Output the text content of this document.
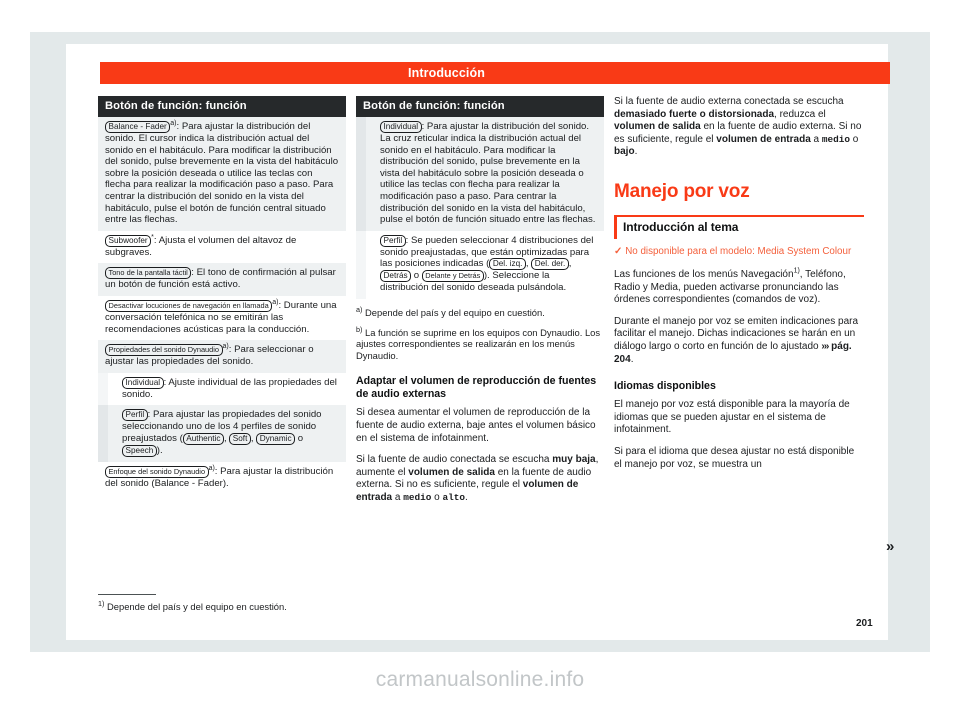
Introducción
Botón de función: función
Balance - Fader $^{a)}$: Para ajustar la distribución del sonido. El cursor indica la distribución actual del sonido en el habitáculo. Para modificar la distribución del sonido, pulse brevemente en la vista del habitáculo sobre la posición deseada o utilice las teclas con flecha para realizar la modificación paso a paso. Para centrar la distribución del sonido en la vista del habitáculo, pulse el botón de función central situado entre las flechas.
Subwoofer *: Ajusta el volumen del altavoz de subgraves.
Tono de la pantalla táctil : El tono de confirmación al pulsar un botón de función está activo.
Desactivar locuciones de navegación en llamada $^{a)}$: Durante una conversación telefónica no se emitirán las recomendaciones acústicas para la conducción.
Propiedades del sonido Dynaudio $^{a)}$: Para seleccionar o ajustar las propiedades del sonido.
Individual : Ajuste individual de las propiedades del sonido.
Perfil : Para ajustar las propiedades del sonido seleccionando uno de los 4 perfiles de sonido preajustados ( Authentic , Soft , Dynamic o Speech ).
Enfoque del sonido Dynaudio $^{a)}$: Para ajustar la distribución del sonido (Balance - Fader).
Botón de función: función
Individual : Para ajustar la distribución del sonido. La cruz reticular indica la distribución actual del sonido en el habitáculo. Para modificar la distribución del sonido, pulse brevemente en la vista del habitáculo sobre la posición deseada o utilice las teclas con flecha para realizar la modificación paso a paso. Para centrar la distribución del sonido en la vista del habitáculo, pulse el botón de función situado entre las flechas.
Perfil : Se pueden seleccionar 4 distribuciones del sonido preajustadas, que están optimizadas para las posiciones indicadas ( Del. izq. , Del. der. , Detrás o Delante y Detrás ). Seleccione la distribución del sonido deseada pulsándola.

$^{a)}$ Depende del país y del equipo en cuestión.

$^{b)}$ La función se suprime en los equipos con Dynaudio. Los ajustes correspondientes se realizarán en los menús Dynaudio.

Adaptar el volumen de reproducción de fuentes de audio externas

Si desea aumentar el volumen de reproducción de la fuente de audio externa, baje antes el volumen básico en el sistema de infotainment.

Si la fuente de audio conectada se escucha muy baja, aumente el volumen de salida en la fuente de audio externa. Si no es suficiente, regule el volumen de entrada a medio o alto.

Si la fuente de audio externa conectada se escucha demasiado fuerte o distorsionada, reduzca el volumen de salida en la fuente de audio externa. Si no es suficiente, regule el volumen de entrada a medio o bajo.

Manejo por voz
Introducción al tema

✓ No disponible para el modelo: Media System Colour

Las funciones de los menús Navegación$^{1)}$, Teléfono, Radio y Media, pueden activarse pronunciando las órdenes correspondientes (comandos de voz).

Durante el manejo por voz se emiten indicaciones para facilitar el manejo. Dichas indicaciones se harán en un diálogo largo o corto en función de lo ajustado ››› pág. 204.

Idiomas disponibles

El manejo por voz está disponible para la mayoría de idiomas que se pueden ajustar en el sistema de infotainment.

Si para el idioma que desea ajustar no está disponible el manejo por voz, se muestra un

$^{1)}$ Depende del país y del equipo en cuestión.
»
201
carmanualsonline.info
